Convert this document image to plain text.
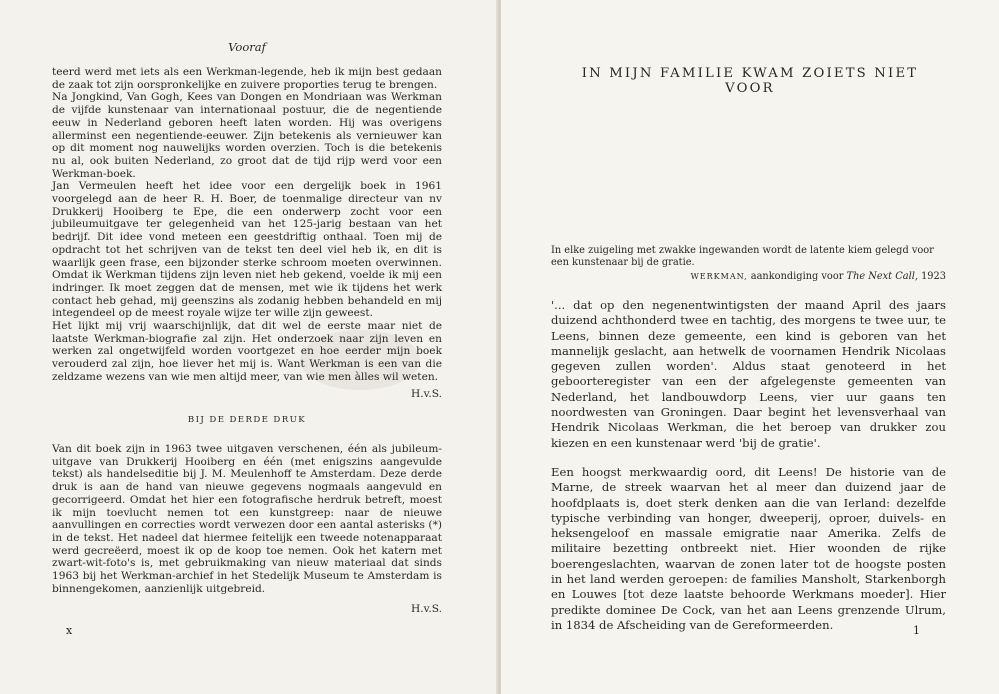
Vooraf

teerd werd met iets als een Werkman-legende, heb ik mijn best gedaan de zaak tot zijn oorspronkelijke en zuivere proporties terug te brengen.

Na Jongkind, Van Gogh, Kees van Dongen en Mondriaan was Werkman de vijfde kunstenaar van internationaal postuur, die de negentiende eeuw in Nederland geboren heeft laten worden. Hij was overigens allerminst een negentiende-eeuwer. Zijn betekenis als vernieuwer kan op dit moment nog nauwelijks worden overzien. Toch is die betekenis nu al, ook buiten Nederland, zo groot dat de tijd rijp werd voor een Werkman-boek.

Jan Vermeulen heeft het idee voor een dergelijk boek in 1961 voorgelegd aan de heer R. H. Boer, de toenmalige directeur van nv Drukkerij Hooiberg te Epe, die een onderwerp zocht voor een jubileumuitgave ter gelegenheid van het 125-jarig bestaan van het bedrijf. Dit idee vond meteen een geestdriftig onthaal. Toen mij de opdracht tot het schrijven van de tekst ten deel viel heb ik, en dit is waarlijk geen frase, een bijzonder sterke schroom moeten overwinnen. Omdat ik Werkman tijdens zijn leven niet heb gekend, voelde ik mij een indringer. Ik moet zeggen dat de mensen, met wie ik tijdens het werk contact heb gehad, mij geenszins als zodanig hebben behandeld en mij integendeel op de meest royale wijze ter wille zijn geweest.

Het lijkt mij vrij waarschijnlijk, dat dit wel de eerste maar niet de laatste Werkman-biografie zal zijn. Het onderzoek naar zijn leven en werken zal ongetwijfeld worden voortgezet en hoe eerder mijn boek verouderd zal zijn, hoe liever het mij is. Want Werkman is een van die zeldzame wezens van wie men altijd meer, van wie men àlles wil weten.

H.v.S.
BIJ DE DERDE DRUK

Van dit boek zijn in 1963 twee uitgaven verschenen, één als jubileum-uitgave van Drukkerij Hooiberg en één (met enigszins aangevulde tekst) als handelseditie bij J. M. Meulenhoff te Amsterdam. Deze derde druk is aan de hand van nieuwe gegevens nogmaals aangevuld en gecorrigeerd. Omdat het hier een fotografische herdruk betreft, moest ik mijn toevlucht nemen tot een kunstgreep: naar de nieuwe aanvullingen en correcties wordt verwezen door een aantal asterisks (*) in de tekst. Het nadeel dat hiermee feitelijk een tweede notenapparaat werd gecreëerd, moest ik op de koop toe nemen. Ook het katern met zwart-wit-foto's is, met gebruikmaking van nieuw materiaal dat sinds 1963 bij het Werkman-archief in het Stedelijk Museum te Amsterdam is binnengekomen, aanzienlijk uitgebreid.

H.v.S.
x
IN MIJN FAMILIE KWAM ZOIETS NIET VOOR
In elke zuigeling met zwakke ingewanden wordt de latente kiem gelegd voor een kunstenaar bij de gratie.
WERKMAN, aankondiging voor The Next Call, 1923

'... dat op den negenentwintigsten der maand April des jaars duizend achthonderd twee en tachtig, des morgens te twee uur, te Leens, binnen deze gemeente, een kind is geboren van het mannelijk geslacht, aan hetwelk de voornamen Hendrik Nicolaas gegeven zullen worden'. Aldus staat genoteerd in het geboorteregister van een der afgelegenste gemeenten van Nederland, het landbouwdorp Leens, vier uur gaans ten noordwesten van Groningen. Daar begint het levensverhaal van Hendrik Nicolaas Werkman, die het beroep van drukker zou kiezen en een kunstenaar werd 'bij de gratie'.

Een hoogst merkwaardig oord, dit Leens! De historie van de Marne, de streek waarvan het al meer dan duizend jaar de hoofdplaats is, doet sterk denken aan die van Ierland: dezelfde typische verbinding van honger, dweeperij, oproer, duivels- en heksengeloof en massale emigratie naar Amerika. Zelfs de militaire bezetting ontbreekt niet. Hier woonden de rijke boerengeslachten, waarvan de zonen later tot de hoogste posten in het land werden geroepen: de families Mansholt, Starkenborgh en Louwes [tot deze laatste behoorde Werkmans moeder]. Hier predikte dominee De Cock, van het aan Leens grenzende Ulrum, in 1834 de Afscheiding van de Gereformeerden.	1
